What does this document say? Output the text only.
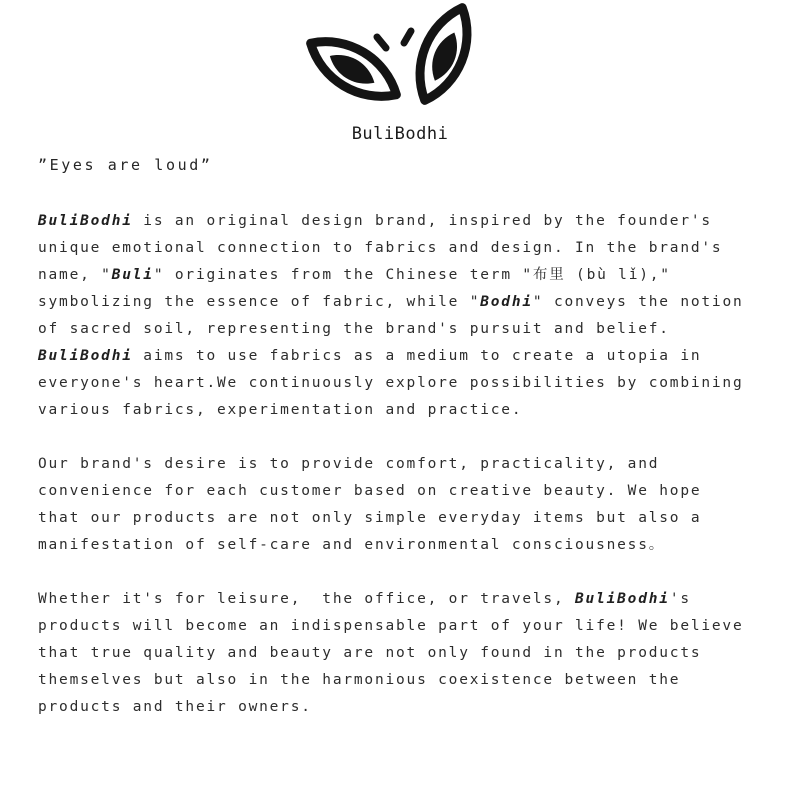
BuliBodhi
”Eyes are loud”
BuliBodhi is an original design brand, inspired by the founder's
unique emotional connection to fabrics and design. In the brand's
name, "Buli" originates from the Chinese term "布里 (bù lǐ),"
symbolizing the essence of fabric, while "Bodhi" conveys the notion
of sacred soil, representing the brand's pursuit and belief.
BuliBodhi aims to use fabrics as a medium to create a utopia in
everyone's heart.We continuously explore possibilities by combining
various fabrics, experimentation and practice.
Our brand's desire is to provide comfort, practicality, and
convenience for each customer based on creative beauty. We hope
that our products are not only simple everyday items but also a
manifestation of self-care and environmental consciousness。
Whether it's for leisure,  the office, or travels, BuliBodhi's
products will become an indispensable part of your life! We believe
that true quality and beauty are not only found in the products
themselves but also in the harmonious coexistence between the
products and their owners.
